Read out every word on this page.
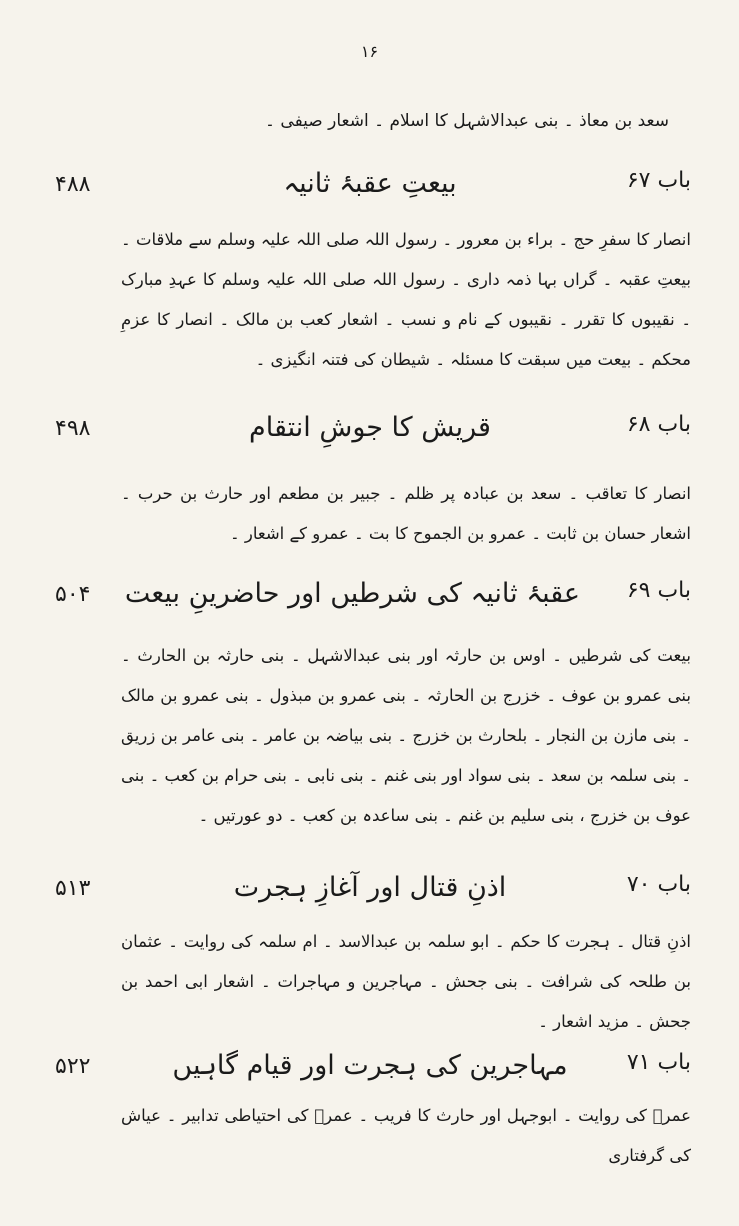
۱۶
سعد بن معاذ ۔ بنی عبدالاشہل کا اسلام ۔ اشعار صیفی ۔
باب ۶۷
بیعتِ عقبۂ ثانیہ
۴۸۸
انصار کا سفرِ حج ۔ براء بن معرور ۔ رسول اللہ صلی اللہ علیہ وسلم سے ملاقات ۔ بیعتِ عقبہ ۔ گراں بہا ذمہ داری ۔ رسول اللہ صلی اللہ علیہ وسلم کا عہدِ مبارک ۔ نقیبوں کا تقرر ۔ نقیبوں کے نام و نسب ۔ اشعار کعب بن مالک ۔ انصار کا عزمِ محکم ۔ بیعت میں سبقت کا مسئلہ ۔ شیطان کی فتنہ انگیزی ۔
باب ۶۸
قریش کا جوشِ انتقام
۴۹۸
انصار کا تعاقب ۔ سعد بن عبادہ پر ظلم ۔ جبیر بن مطعم اور حارث بن حرب ۔ اشعار حسان بن ثابت ۔ عمرو بن الجموح کا بت ۔ عمرو کے اشعار ۔
باب ۶۹
عقبۂ ثانیہ کی شرطیں اور حاضرینِ بیعت
۵۰۴
بیعت کی شرطیں ۔ اوس بن حارثہ اور بنی عبدالاشہل ۔ بنی حارثہ بن الحارث ۔ بنی عمرو بن عوف ۔ خزرج بن الحارثہ ۔ بنی عمرو بن مبذول ۔ بنی عمرو بن مالک ۔ بنی مازن بن النجار ۔ بلحارث بن خزرج ۔ بنی بیاضہ بن عامر ۔ بنی عامر بن زریق ۔ بنی سلمہ بن سعد ۔ بنی سواد اور بنی غنم ۔ بنی نابی ۔ بنی حرام بن کعب ۔ بنی عوف بن خزرج ، بنی سلیم بن غنم ۔ بنی ساعدہ بن کعب ۔ دو عورتیں ۔
باب ۷۰
اذنِ قتال اور آغازِ ہجرت
۵۱۳
اذنِ قتال ۔ ہجرت کا حکم ۔ ابو سلمہ بن عبدالاسد ۔ ام سلمہ کی روایت ۔ عثمان بن طلحہ کی شرافت ۔ بنی جحش ۔ مہاجرین و مہاجرات ۔ اشعار ابی احمد بن جحش ۔ مزید اشعار ۔
باب ۷۱
مہاجرین کی ہجرت اور قیام گاہیں
۵۲۲
عمرؓ کی روایت ۔ ابوجہل اور حارث کا فریب ۔ عمرؓ کی احتیاطی تدابیر ۔ عیاش کی گرفتاری
